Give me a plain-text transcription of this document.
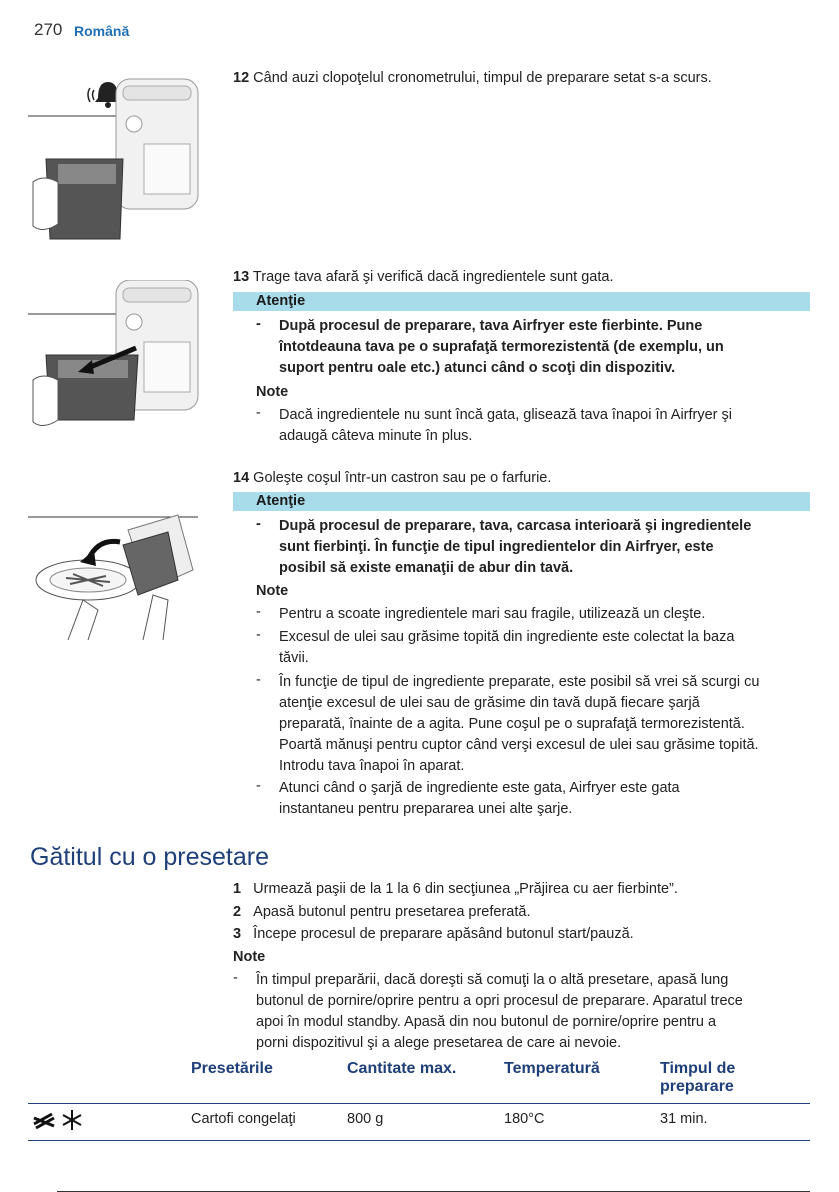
270 Română
12 Când auzi clopoţelul cronometrului, timpul de preparare setat s-a scurs.
13 Trage tava afară şi verifică dacă ingredientele sunt gata.
Atenţie
- După procesul de preparare, tava Airfryer este fierbinte. Pune
întotdeauna tava pe o suprafaţă termorezistentă (de exemplu, un
suport pentru oale etc.) atunci când o scoţi din dispozitiv.
Note
- Dacă ingredientele nu sunt încă gata, glisează tava înapoi în Airfryer şi
adaugă câteva minute în plus.
14 Goleşte coşul într-un castron sau pe o farfurie.
Atenţie
- După procesul de preparare, tava, carcasa interioară şi ingredientele
sunt fierbinţi. În funcţie de tipul ingredientelor din Airfryer, este
posibil să existe emanaţii de abur din tavă.
Note
- Pentru a scoate ingredientele mari sau fragile, utilizează un cleşte.
- Excesul de ulei sau grăsime topită din ingrediente este colectat la baza
tăvii.
- În funcţie de tipul de ingrediente preparate, este posibil să vrei să scurgi cu
atenţie excesul de ulei sau de grăsime din tavă după fiecare şarjă
preparată, înainte de a agita. Pune coşul pe o suprafaţă termorezistentă.
Poartă mănuşi pentru cuptor când verşi excesul de ulei sau grăsime topită.
Introdu tava înapoi în aparat.
- Atunci când o şarjă de ingrediente este gata, Airfryer este gata
instantaneu pentru prepararea unei alte şarje.
Gătitul cu o presetare
1 Urmează paşii de la 1 la 6 din secţiunea „Prăjirea cu aer fierbinte”.
2 Apasă butonul pentru presetarea preferată.
3 Începe procesul de preparare apăsând butonul start/pauză.
Note
- În timpul preparării, dacă doreşti să comuţi la o altă presetare, apasă lung
butonul de pornire/oprire pentru a opri procesul de preparare. Aparatul trece
apoi în modul standby. Apasă din nou butonul de pornire/oprire pentru a
porni dispozitivul şi a alege presetarea de care ai nevoie.
Presetările	Cantitate max.	Temperatură	Timpul de
preparare
Cartofi congelaţi	800 g	180°C	31 min.
